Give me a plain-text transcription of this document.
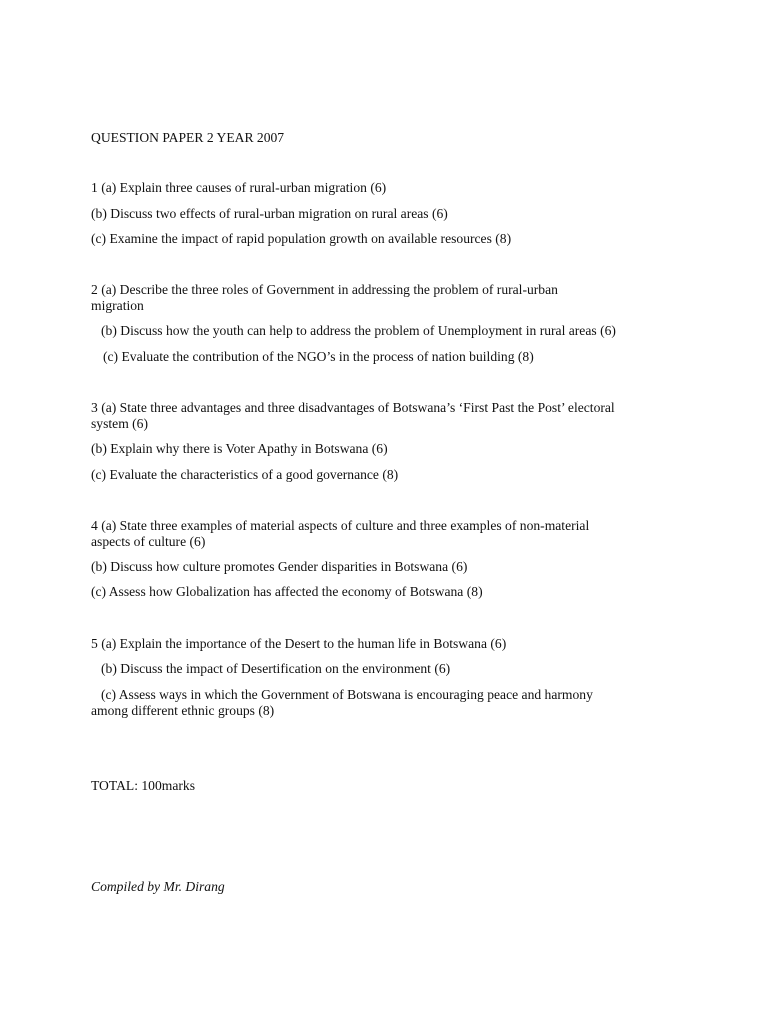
QUESTION PAPER 2 YEAR 2007
1 (a) Explain three causes of rural-urban migration (6)
(b) Discuss two effects of rural-urban migration on rural areas (6)
(c) Examine the impact of rapid population growth on available resources (8)
2 (a) Describe the three roles of Government in addressing the problem of rural-urban
migration
(b) Discuss how the youth can help to address the problem of Unemployment in rural areas (6)
(c) Evaluate the contribution of the NGO’s in the process of nation building (8)
3 (a) State three advantages and three disadvantages of Botswana’s ‘First Past the Post’ electoral
system (6)
(b) Explain why there is Voter Apathy in Botswana (6)
(c) Evaluate the characteristics of a good governance (8)
4 (a) State three examples of material aspects of culture and three examples of non-material
aspects of culture (6)
(b) Discuss how culture promotes Gender disparities in Botswana (6)
(c) Assess how Globalization has affected the economy of Botswana (8)
5 (a) Explain the importance of the Desert to the human life in Botswana (6)
(b) Discuss the impact of Desertification on the environment (6)
(c) Assess ways in which the Government of Botswana is encouraging peace and harmony
among different ethnic groups (8)
TOTAL: 100marks
Compiled by Mr. Dirang
